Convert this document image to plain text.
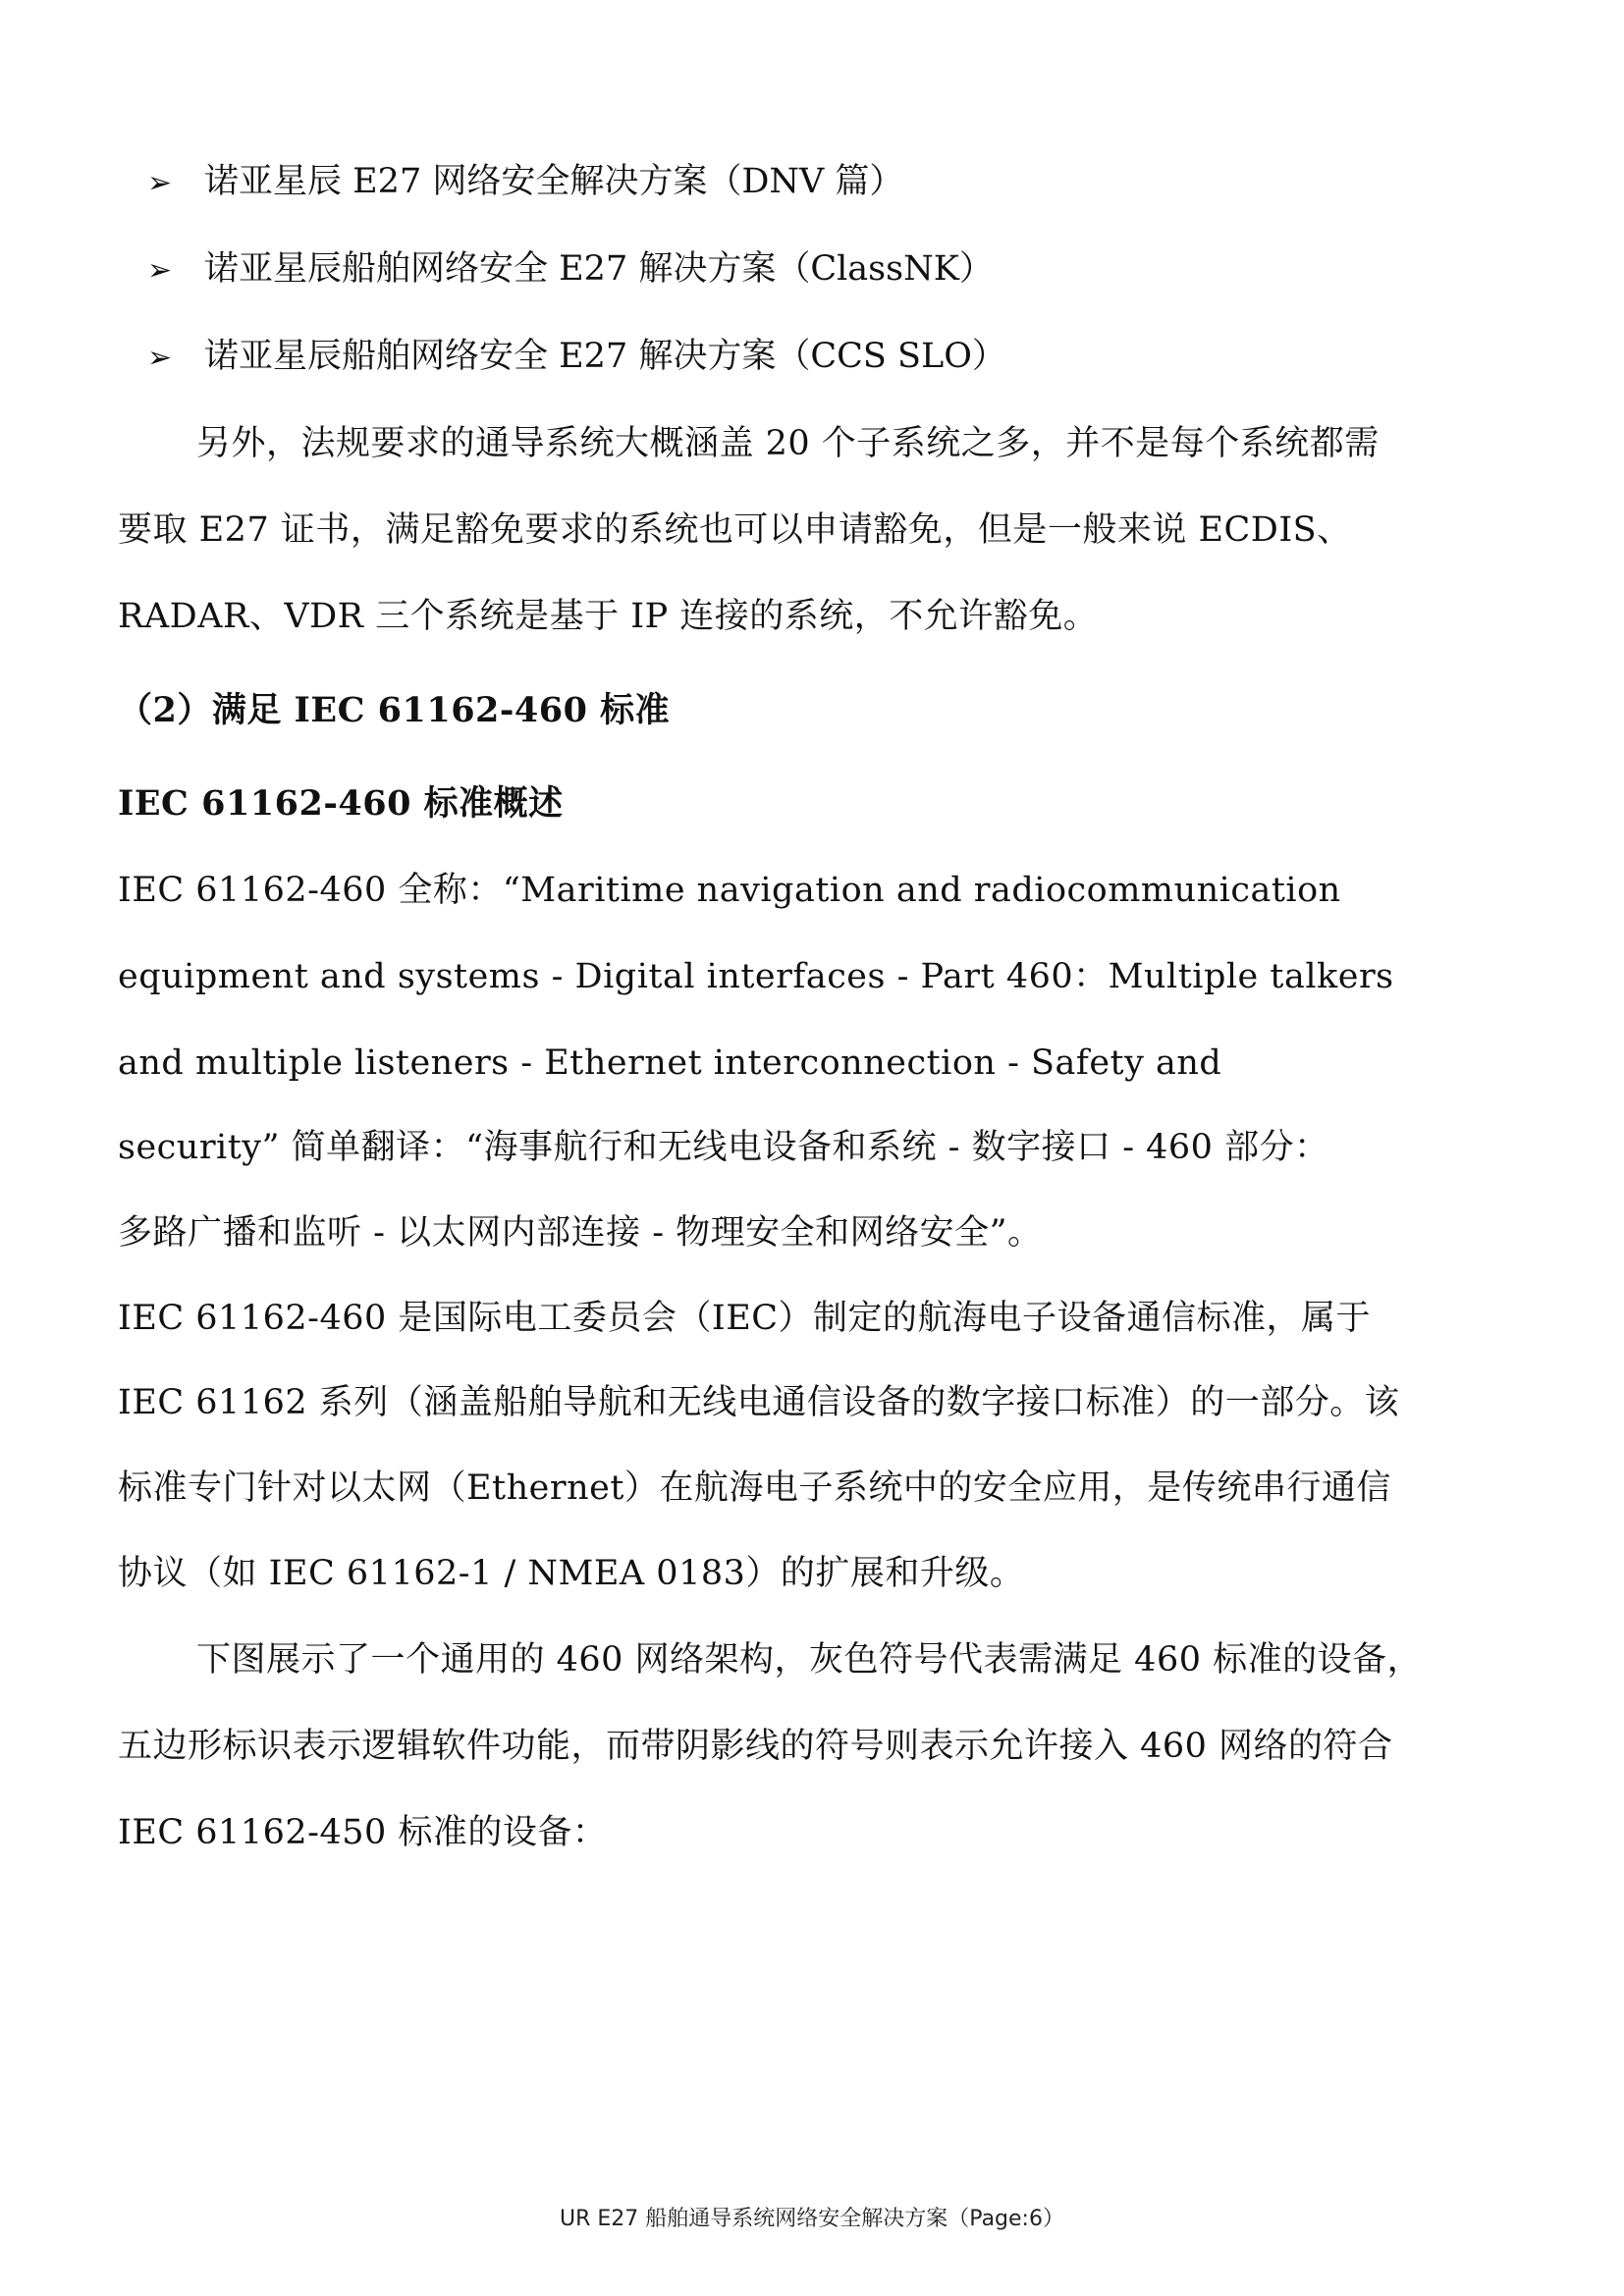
➢ 诺亚星辰 E27 网络安全解决方案（DNV 篇）
➢ 诺亚星辰船舶网络安全 E27 解决方案（ClassNK）
➢ 诺亚星辰船舶网络安全 E27 解决方案（CCS SLO）
另外，法规要求的通导系统大概涵盖 20 个子系统之多，并不是每个系统都需
要取 E27 证书，满足豁免要求的系统也可以申请豁免，但是一般来说 ECDIS、
RADAR、VDR 三个系统是基于 IP 连接的系统，不允许豁免。
（2）满足 IEC 61162-460 标准
IEC 61162-460 标准概述
IEC 61162-460 全称：“Maritime navigation and radiocommunication
equipment and systems - Digital interfaces - Part 460：Multiple talkers
and multiple listeners - Ethernet interconnection - Safety and
security” 简单翻译：“海事航行和无线电设备和系统 - 数字接口 - 460 部分：
多路广播和监听 - 以太网内部连接 - 物理安全和网络安全”。
IEC 61162-460 是国际电工委员会（IEC）制定的航海电子设备通信标准，属于
IEC 61162 系列（涵盖船舶导航和无线电通信设备的数字接口标准）的一部分。该
标准专门针对以太网（Ethernet）在航海电子系统中的安全应用，是传统串行通信
协议（如 IEC 61162-1 / NMEA 0183）的扩展和升级。
下图展示了一个通用的 460 网络架构，灰色符号代表需满足 460 标准的设备，
五边形标识表示逻辑软件功能，而带阴影线的符号则表示允许接入 460 网络的符合
IEC 61162-450 标准的设备：
UR E27 船舶通导系统网络安全解决方案（Page:6）
